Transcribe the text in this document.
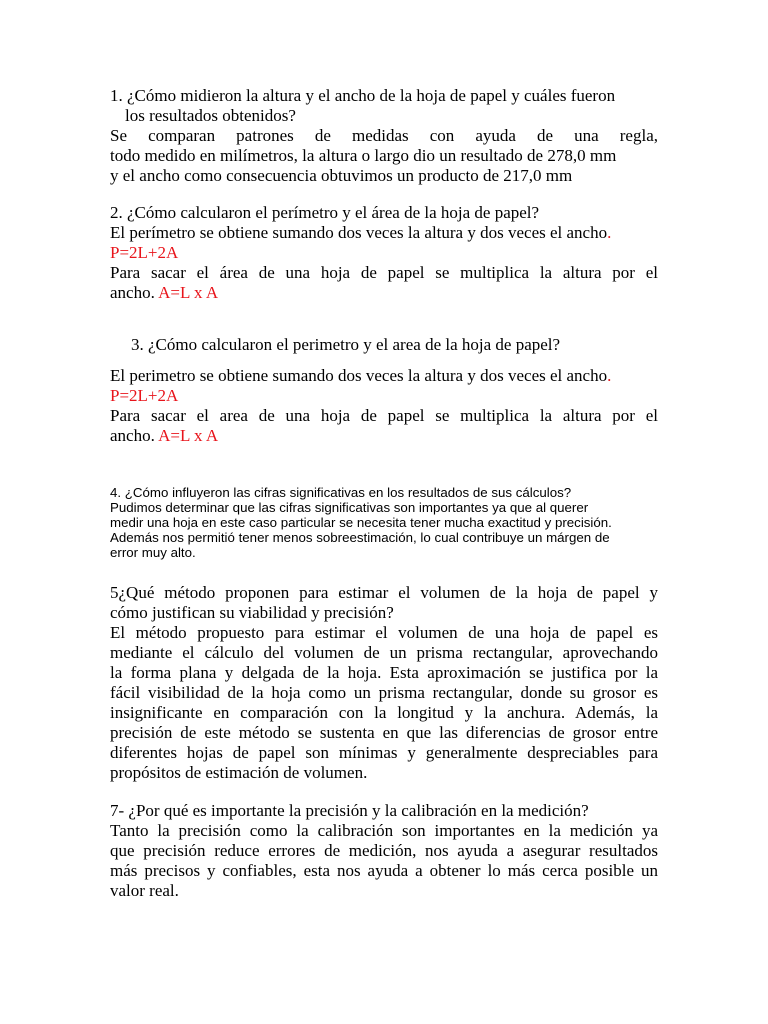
1. ¿Cómo midieron la altura y el ancho de la hoja de papel y cuáles fueron
los resultados obtenidos?
Se comparan patrones de medidas con ayuda de una regla,
todo medido en milímetros, la altura o largo dio un resultado de 278,0 mm
y el ancho como consecuencia obtuvimos un producto de 217,0 mm
2. ¿Cómo calcularon el perímetro y el área de la hoja de papel?
El perímetro se obtiene sumando dos veces la altura y dos veces el ancho.
P=2L+2A
Para sacar el área de una hoja de papel se multiplica la altura por el
ancho. A=L x A
3. ¿Cómo calcularon el perimetro y el area de la hoja de papel?
El perimetro se obtiene sumando dos veces la altura y dos veces el ancho.
P=2L+2A
Para sacar el area de una hoja de papel se multiplica la altura por el
ancho. A=L x A
4. ¿Cómo influyeron las cifras significativas en los resultados de sus cálculos?
Pudimos determinar que las cifras significativas son importantes ya que al querer
medir una hoja en este caso particular se necesita tener mucha exactitud y precisión.
Además nos permitió tener menos sobreestimación, lo cual contribuye un márgen de
error muy alto.
5¿Qué método proponen para estimar el volumen de la hoja de papel y
cómo justifican su viabilidad y precisión?
El método propuesto para estimar el volumen de una hoja de papel es
mediante el cálculo del volumen de un prisma rectangular, aprovechando
la forma plana y delgada de la hoja. Esta aproximación se justifica por la
fácil visibilidad de la hoja como un prisma rectangular, donde su grosor es
insignificante en comparación con la longitud y la anchura. Además, la
precisión de este método se sustenta en que las diferencias de grosor entre
diferentes hojas de papel son mínimas y generalmente despreciables para
propósitos de estimación de volumen.
7- ¿Por qué es importante la precisión y la calibración en la medición?
Tanto la precisión como la calibración son importantes en la medición ya
que precisión reduce errores de medición, nos ayuda a asegurar resultados
más precisos y confiables, esta nos ayuda a obtener lo más cerca posible un
valor real.
